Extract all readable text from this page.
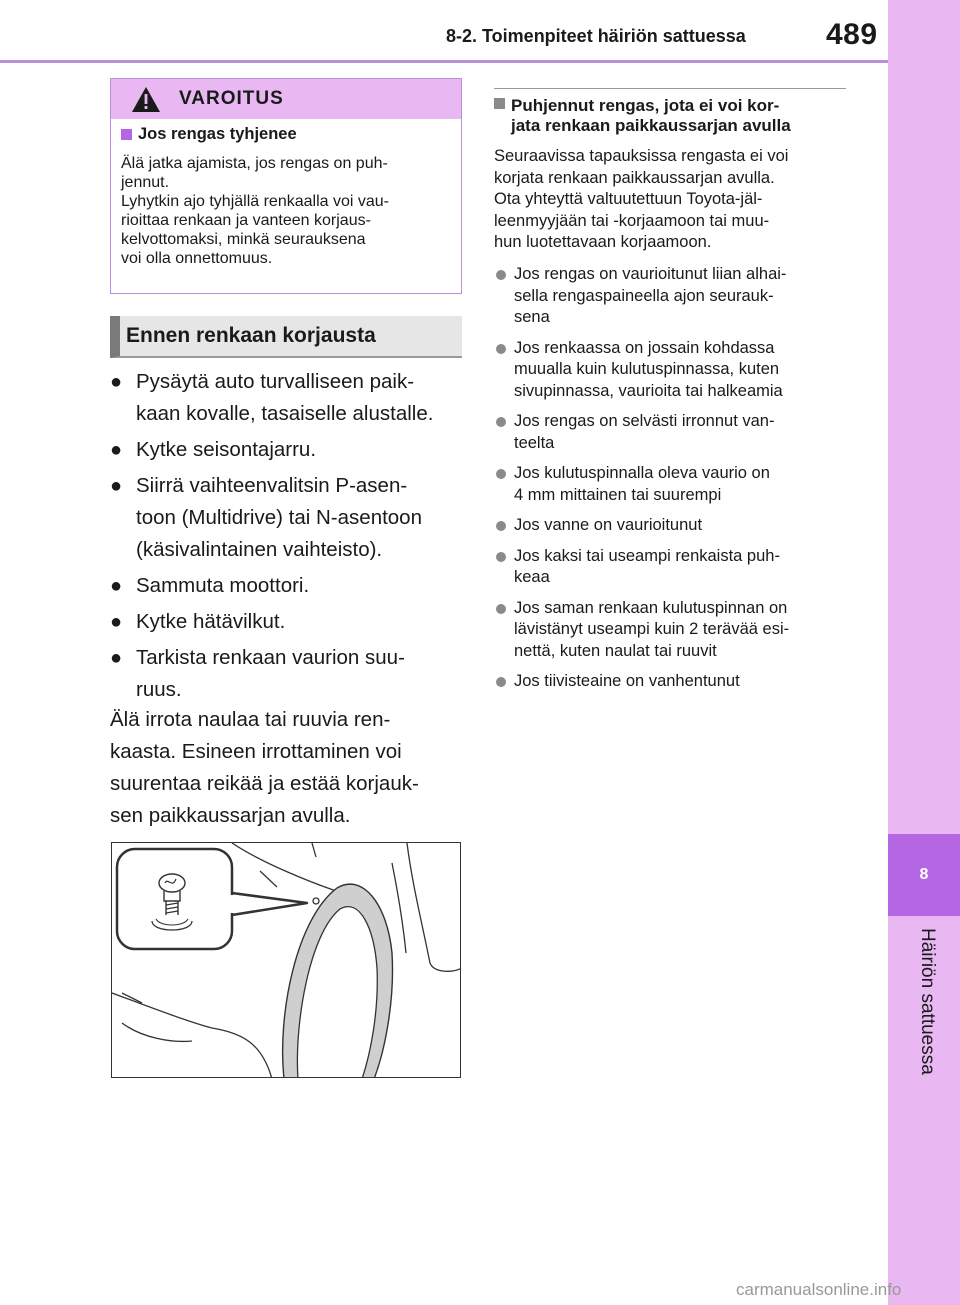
8
Häiriön sattuessa
8-2. Toimenpiteet häiriön sattuessa	489
VAROITUS
Jos rengas tyhjenee
Älä jatka ajamista, jos rengas on puh-
jennut.
Lyhytkin ajo tyhjällä renkaalla voi vau-
rioittaa renkaan ja vanteen korjaus-
kelvottomaksi, minkä seurauksena
voi olla onnettomuus.
Ennen renkaan korjausta
● Pysäytä auto turvalliseen paik-
kaan kovalle, tasaiselle alustalle.
● Kytke seisontajarru.
● Siirrä vaihteenvalitsin P-asen-
toon (Multidrive) tai N-asentoon
(käsivalintainen vaihteisto).
● Sammuta moottori.
● Kytke hätävilkut.
● Tarkista renkaan vaurion suu-
ruus.
Älä irrota naulaa tai ruuvia ren-
kaasta. Esineen irrottaminen voi
suurentaa reikää ja estää korjauk-
sen paikkaussarjan avulla.
Puhjennut rengas, jota ei voi kor-
jata renkaan paikkaussarjan avulla
Seuraavissa tapauksissa rengasta ei voi
korjata renkaan paikkaussarjan avulla.
Ota yhteyttä valtuutettuun Toyota-jäl-
leenmyyjään tai -korjaamoon tai muu-
hun luotettavaan korjaamoon.
Jos rengas on vaurioitunut liian alhai-
sella rengaspaineella ajon seurauk-
sena
Jos renkaassa on jossain kohdassa
muualla kuin kulutuspinnassa, kuten
sivupinnassa, vaurioita tai halkeamia
Jos rengas on selvästi irronnut van-
teelta
Jos kulutuspinnalla oleva vaurio on
4 mm mittainen tai suurempi
Jos vanne on vaurioitunut
Jos kaksi tai useampi renkaista puh-
keaa
Jos saman renkaan kulutuspinnan on
lävistänyt useampi kuin 2 terävää esi-
nettä, kuten naulat tai ruuvit
Jos tiivisteaine on vanhentunut
carmanualsonline.info
